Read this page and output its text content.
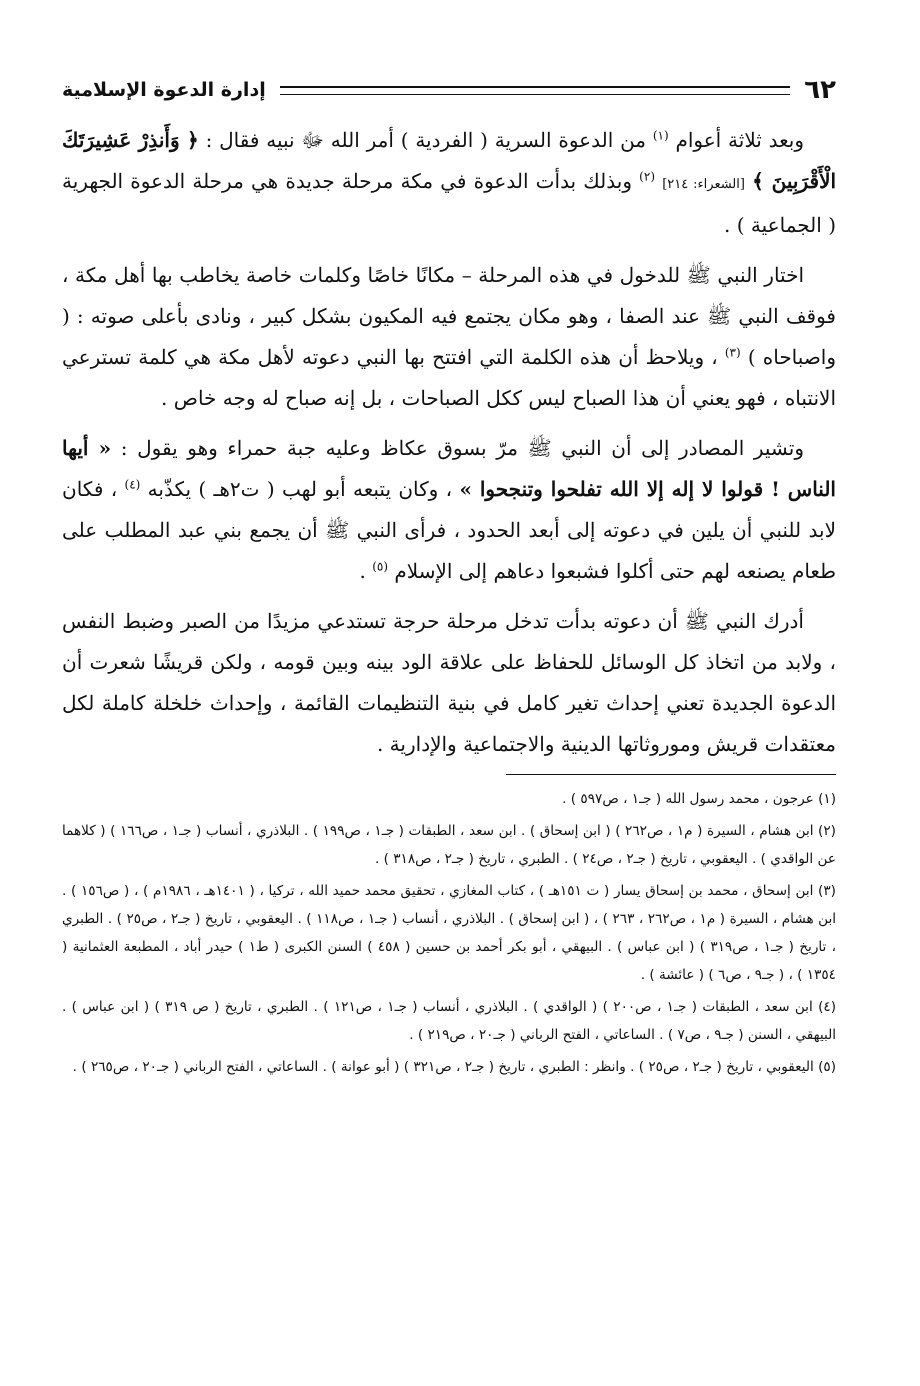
٦٢
إدارة الدعوة الإسلامية

وبعد ثلاثة أعوام $^{(١)}$ من الدعوة السرية ( الفردية ) أمر الله ﷻ نبيه فقال : ﴿ وَأَنذِرْ عَشِيرَتَكَ الْأَقْرَبِينَ ﴾ [الشعراء: ٢١٤] $^{(٢)}$ وبذلك بدأت الدعوة في مكة مرحلة جديدة هي مرحلة الدعوة الجهرية ( الجماعية ) .

اختار النبي ﷺ للدخول في هذه المرحلة – مكانًا خاصًا وكلمات خاصة يخاطب بها أهل مكة ، فوقف النبي ﷺ عند الصفا ، وهو مكان يجتمع فيه المكيون بشكل كبير ، ونادى بأعلى صوته : ( واصباحاه ) $^{(٣)}$ ، ويلاحظ أن هذه الكلمة التي افتتح بها النبي دعوته لأهل مكة هي كلمة تسترعي الانتباه ، فهو يعني أن هذا الصباح ليس ككل الصباحات ، بل إنه صباح له وجه خاص .

وتشير المصادر إلى أن النبي ﷺ مرّ بسوق عكاظ وعليه جبة حمراء وهو يقول : « أيها الناس ! قولوا لا إله إلا الله تفلحوا وتنجحوا » ، وكان يتبعه أبو لهب ( ت٢هـ ) يكذّبه $^{(٤)}$ ، فكان لابد للنبي أن يلين في دعوته إلى أبعد الحدود ، فرأى النبي ﷺ أن يجمع بني عبد المطلب على طعام يصنعه لهم حتى أكلوا فشبعوا دعاهم إلى الإسلام $^{(٥)}$ .

أدرك النبي ﷺ أن دعوته بدأت تدخل مرحلة حرجة تستدعي مزيدًا من الصبر وضبط النفس ، ولابد من اتخاذ كل الوسائل للحفاظ على علاقة الود بينه وبين قومه ، ولكن قريشًا شعرت أن الدعوة الجديدة تعني إحداث تغير كامل في بنية التنظيمات القائمة ، وإحداث خلخلة كاملة لكل معتقدات قريش وموروثاتها الدينية والاجتماعية والإدارية .

(١) عرجون ، محمد رسول الله ( جـ١ ، ص٥٩٧ ) .

(٢) ابن هشام ، السيرة ( م١ ، ص٢٦٢ ) ( ابن إسحاق ) . ابن سعد ، الطبقات ( جـ١ ، ص١٩٩ ) . البلاذري ، أنساب ( جـ١ ، ص١٦٦ ) ( كلاهما عن الواقدي ) . اليعقوبي ، تاريخ ( جـ٢ ، ص٢٤ ) . الطبري ، تاريخ ( جـ٢ ، ص٣١٨ ) .

(٣) ابن إسحاق ، محمد بن إسحاق يسار ( ت ١٥١هـ ) ، كتاب المغازي ، تحقيق محمد حميد الله ، تركيا ، ( ١٤٠١هـ ، ١٩٨٦م ) ، ( ص١٥٦ ) . ابن هشام ، السيرة ( م١ ، ص٢٦٢ ، ٢٦٣ ) ، ( ابن إسحاق ) . البلاذري ، أنساب ( جـ١ ، ص١١٨ ) . اليعقوبي ، تاريخ ( جـ٢ ، ص٢٥ ) . الطبري ، تاريخ ( جـ١ ، ص٣١٩ ) ( ابن عباس ) . البيهقي ، أبو بكر أحمد بن حسين ( ٤٥٨ ) السنن الكبرى ( ط١ ) حيدر أباد ، المطبعة العثمانية ( ١٣٥٤ ) ، ( جـ٩ ، ص٦ ) ( عائشة ) .

(٤) ابن سعد ، الطبقات ( جـ١ ، ص٢٠٠ ) ( الواقدي ) . البلاذري ، أنساب ( جـ١ ، ص١٢١ ) . الطبري ، تاريخ ( ص ٣١٩ ) ( ابن عباس ) . البيهقي ، السنن ( جـ٩ ، ص٧ ) . الساعاتي ، الفتح الرباني ( جـ٢٠ ، ص٢١٩ ) .

(٥) اليعقوبي ، تاريخ ( جـ٢ ، ص٢٥ ) . وانظر : الطبري ، تاريخ ( جـ٢ ، ص٣٢١ ) ( أبو عوانة ) . الساعاتي ، الفتح الرباني ( جـ٢٠ ، ص٢٦٥ ) .
